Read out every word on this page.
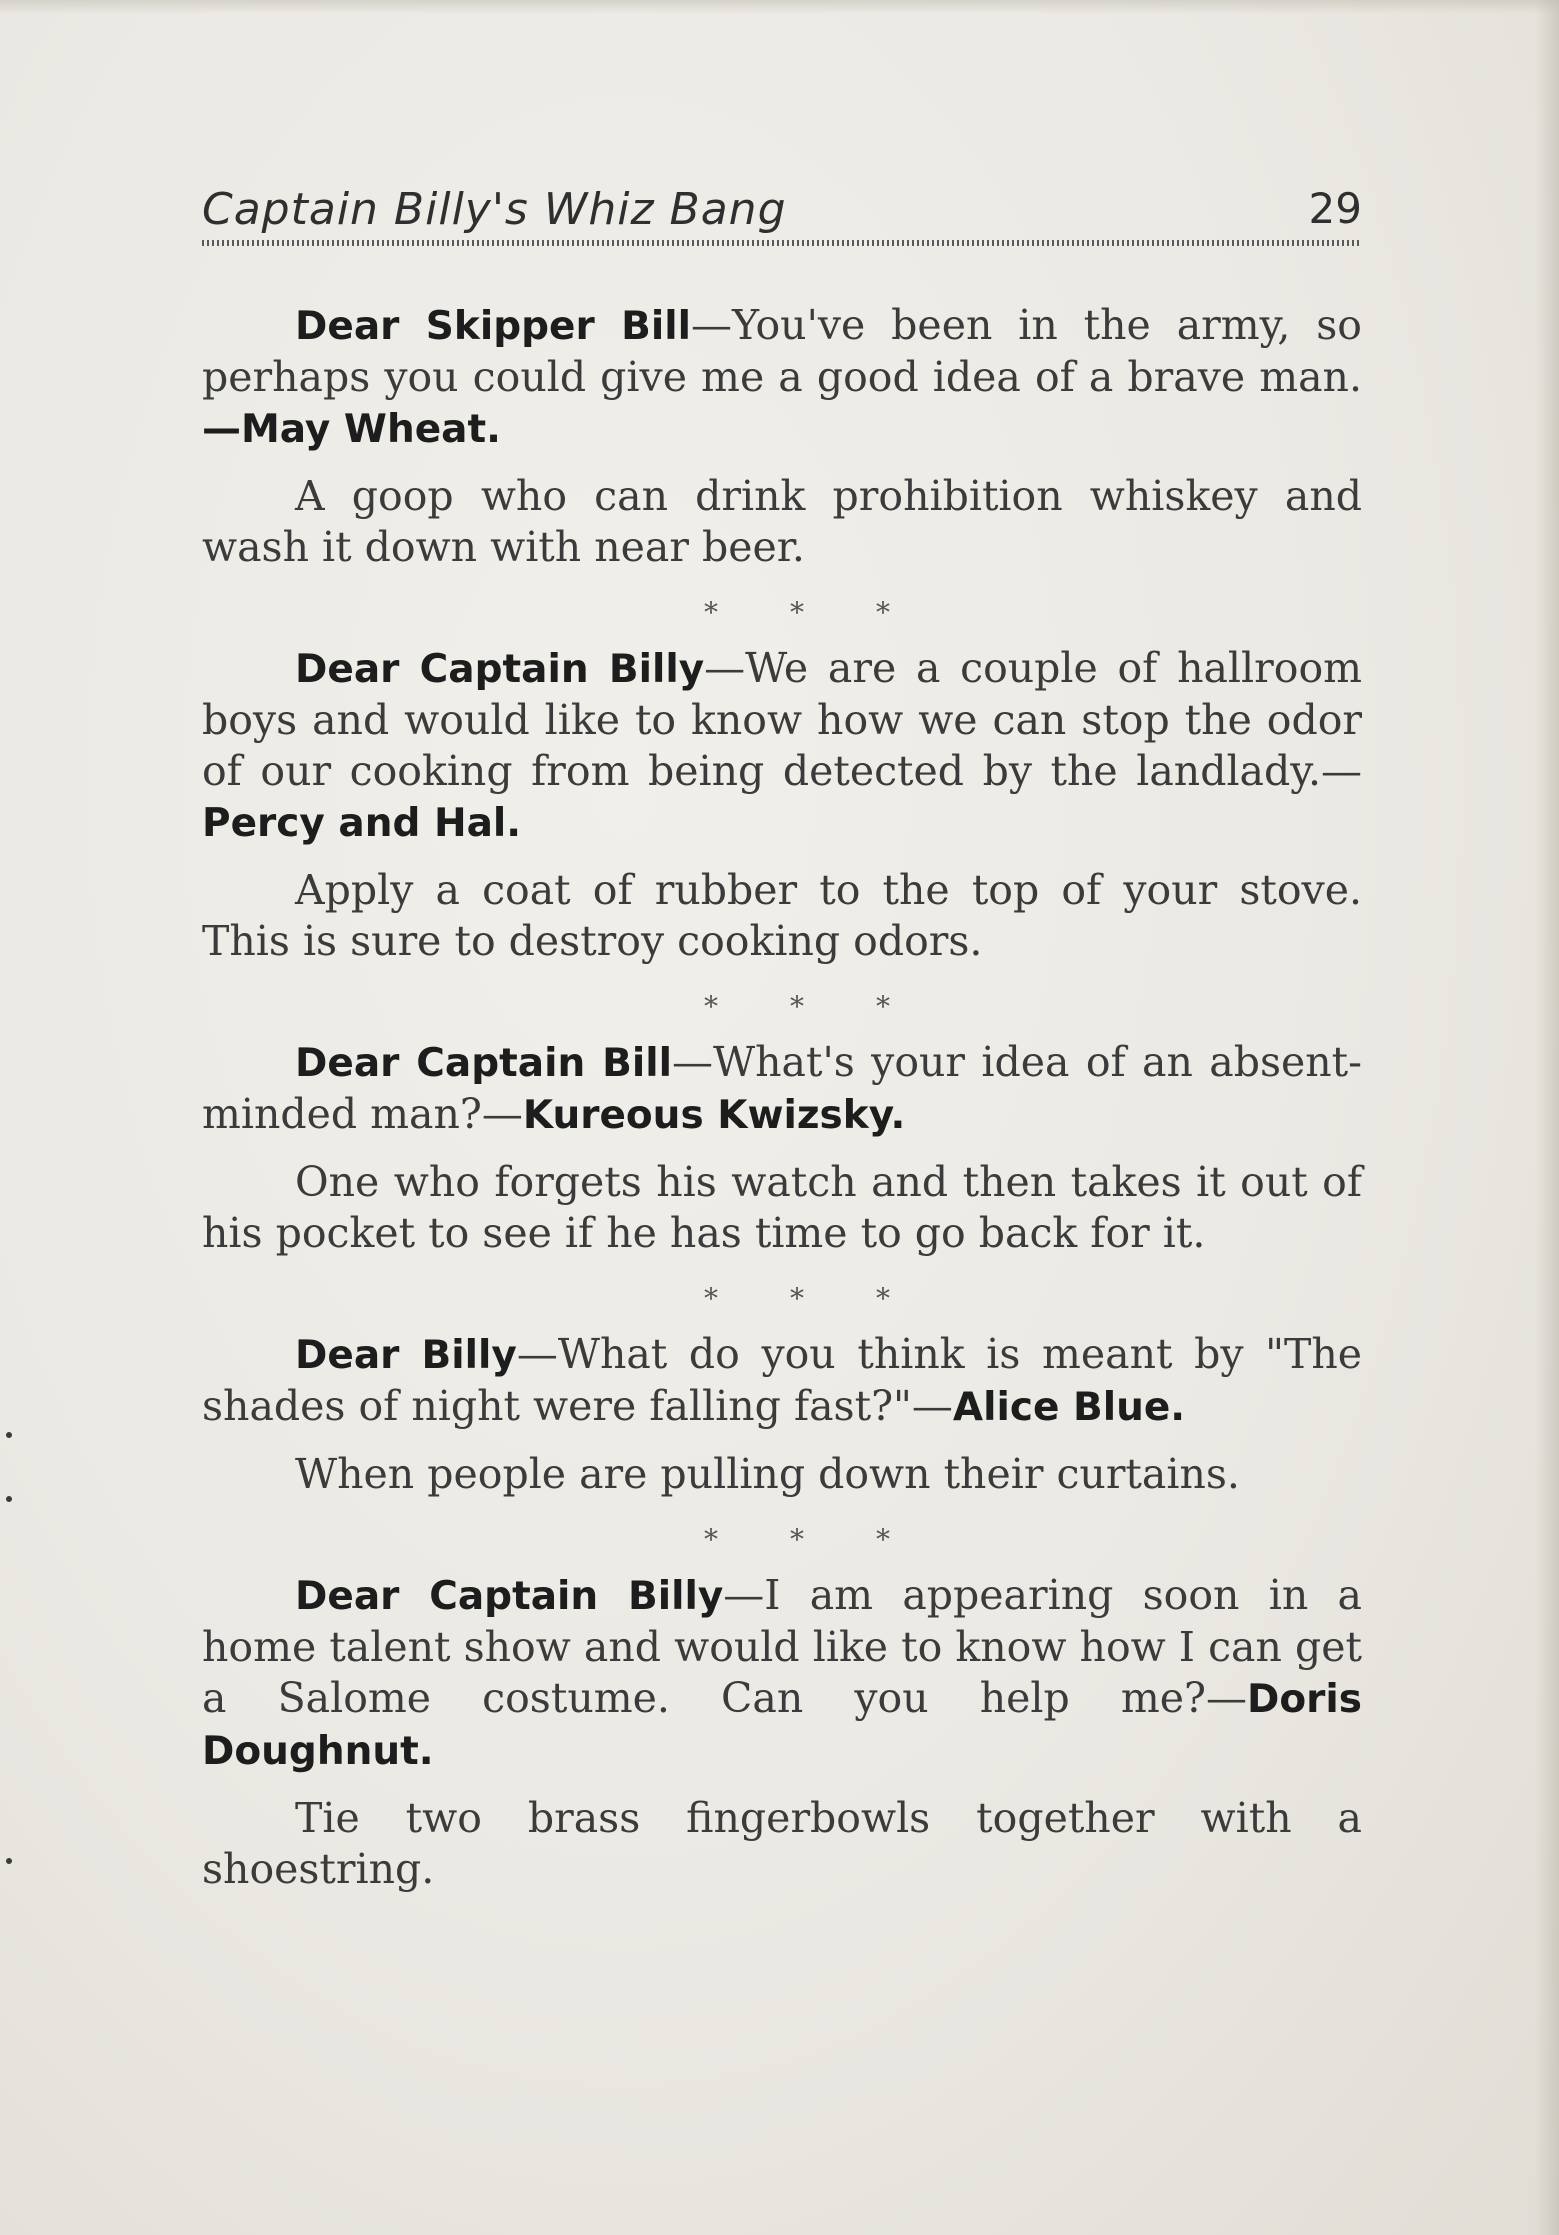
Captain Billy's Whiz Bang	29

Dear Skipper Bill—You've been in the army, so perhaps you could give me a good idea of a brave man. —May Wheat.

A goop who can drink prohibition whiskey and wash it down with near beer.

*	*	*

Dear Captain Billy—We are a couple of hallroom boys and would like to know how we can stop the odor of our cooking from being detected by the landlady.— Percy and Hal.

Apply a coat of rubber to the top of your stove. This is sure to destroy cooking odors.

*	*	*

Dear Captain Bill—What's your idea of an absent-minded man?—Kureous Kwizsky.

One who forgets his watch and then takes it out of his pocket to see if he has time to go back for it.

*	*	*

Dear Billy—What do you think is meant by "The shades of night were falling fast?"—Alice Blue.

When people are pulling down their curtains.

*	*	*

Dear Captain Billy—I am appearing soon in a home talent show and would like to know how I can get a Salome costume. Can you help me?—Doris Doughnut.

Tie two brass fingerbowls together with a shoestring.
